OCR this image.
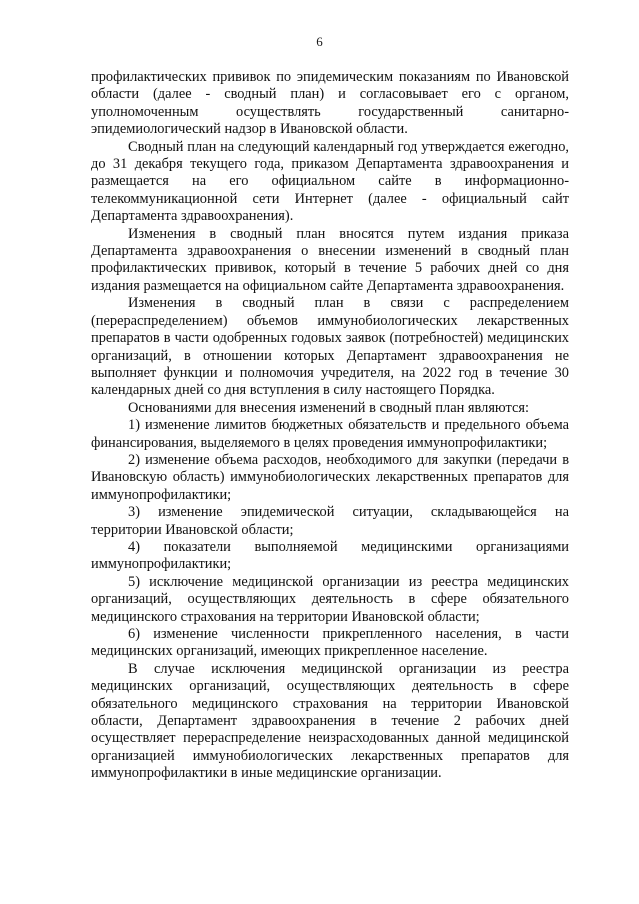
6

профилактических прививок по эпидемическим показаниям по Ивановской области (далее - сводный план) и согласовывает его с органом, уполномоченным осуществлять государственный санитарно-эпидемиологический надзор в Ивановской области.

Сводный план на следующий календарный год утверждается ежегодно, до 31 декабря текущего года, приказом Департамента здравоохранения и размещается на его официальном сайте в информационно-телекоммуникационной сети Интернет (далее - официальный сайт Департамента здравоохранения).

Изменения в сводный план вносятся путем издания приказа Департамента здравоохранения о внесении изменений в сводный план профилактических прививок, который в течение 5 рабочих дней со дня издания размещается на официальном сайте Департамента здравоохранения.

Изменения в сводный план в связи с распределением (перераспределением) объемов иммунобиологических лекарственных препаратов в части одобренных годовых заявок (потребностей) медицинских организаций, в отношении которых Департамент здравоохранения не выполняет функции и полномочия учредителя, на 2022 год в течение 30 календарных дней со дня вступления в силу настоящего Порядка.

Основаниями для внесения изменений в сводный план являются:

1) изменение лимитов бюджетных обязательств и предельного объема финансирования, выделяемого в целях проведения иммунопрофилактики;

2) изменение объема расходов, необходимого для закупки (передачи в Ивановскую область) иммунобиологических лекарственных препаратов для иммунопрофилактики;

3) изменение эпидемической ситуации, складывающейся на территории Ивановской области;

4) показатели выполняемой медицинскими организациями иммунопрофилактики;

5) исключение медицинской организации из реестра медицинских организаций, осуществляющих деятельность в сфере обязательного медицинского страхования на территории Ивановской области;

6) изменение численности прикрепленного населения, в части медицинских организаций, имеющих прикрепленное население.

В случае исключения медицинской организации из реестра медицинских организаций, осуществляющих деятельность в сфере обязательного медицинского страхования на территории Ивановской области, Департамент здравоохранения в течение 2 рабочих дней осуществляет перераспределение неизрасходованных данной медицинской организацией иммунобиологических лекарственных препаратов для иммунопрофилактики в иные медицинские организации.
